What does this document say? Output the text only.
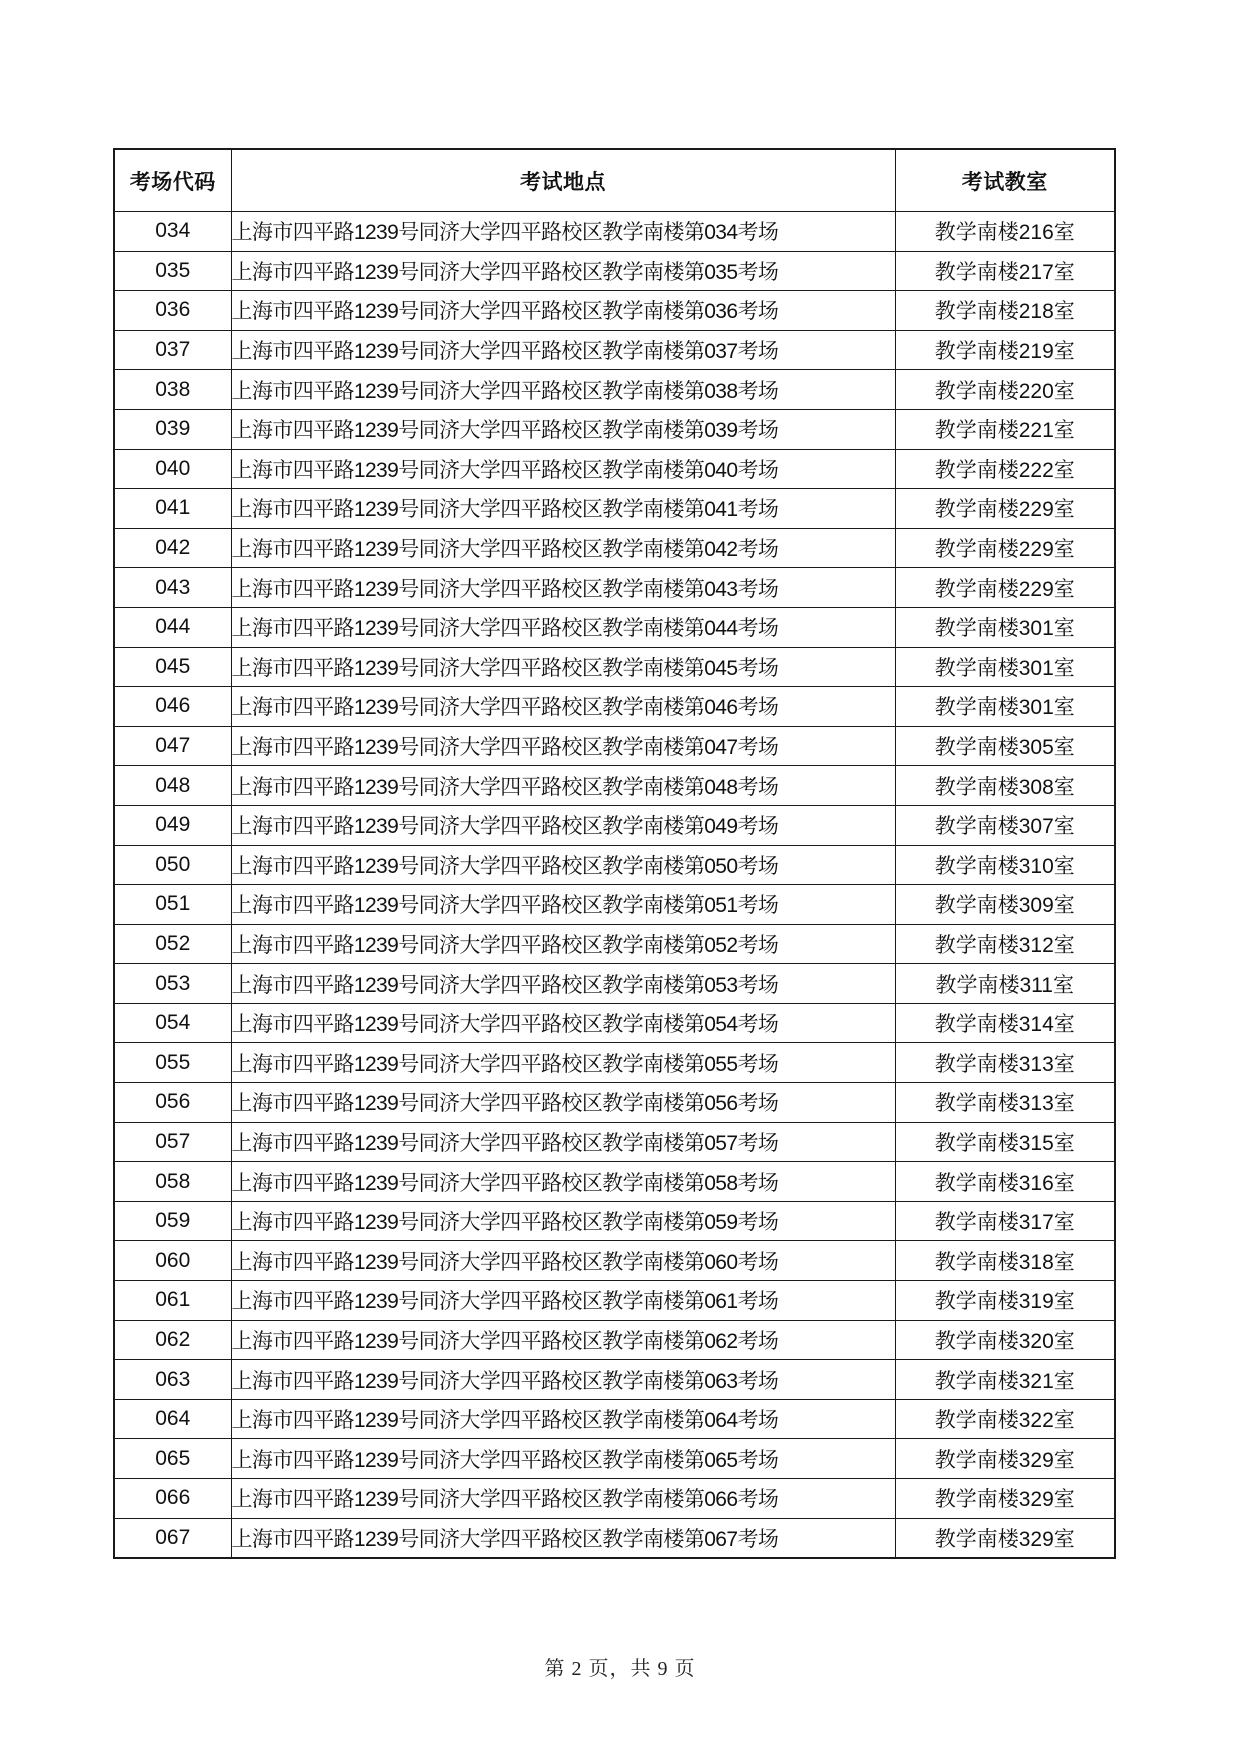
考场代码	考试地点	考试教室
034	上海市四平路1239号同济大学四平路校区教学南楼第034考场	教学南楼216室
035	上海市四平路1239号同济大学四平路校区教学南楼第035考场	教学南楼217室
036	上海市四平路1239号同济大学四平路校区教学南楼第036考场	教学南楼218室
037	上海市四平路1239号同济大学四平路校区教学南楼第037考场	教学南楼219室
038	上海市四平路1239号同济大学四平路校区教学南楼第038考场	教学南楼220室
039	上海市四平路1239号同济大学四平路校区教学南楼第039考场	教学南楼221室
040	上海市四平路1239号同济大学四平路校区教学南楼第040考场	教学南楼222室
041	上海市四平路1239号同济大学四平路校区教学南楼第041考场	教学南楼229室
042	上海市四平路1239号同济大学四平路校区教学南楼第042考场	教学南楼229室
043	上海市四平路1239号同济大学四平路校区教学南楼第043考场	教学南楼229室
044	上海市四平路1239号同济大学四平路校区教学南楼第044考场	教学南楼301室
045	上海市四平路1239号同济大学四平路校区教学南楼第045考场	教学南楼301室
046	上海市四平路1239号同济大学四平路校区教学南楼第046考场	教学南楼301室
047	上海市四平路1239号同济大学四平路校区教学南楼第047考场	教学南楼305室
048	上海市四平路1239号同济大学四平路校区教学南楼第048考场	教学南楼308室
049	上海市四平路1239号同济大学四平路校区教学南楼第049考场	教学南楼307室
050	上海市四平路1239号同济大学四平路校区教学南楼第050考场	教学南楼310室
051	上海市四平路1239号同济大学四平路校区教学南楼第051考场	教学南楼309室
052	上海市四平路1239号同济大学四平路校区教学南楼第052考场	教学南楼312室
053	上海市四平路1239号同济大学四平路校区教学南楼第053考场	教学南楼311室
054	上海市四平路1239号同济大学四平路校区教学南楼第054考场	教学南楼314室
055	上海市四平路1239号同济大学四平路校区教学南楼第055考场	教学南楼313室
056	上海市四平路1239号同济大学四平路校区教学南楼第056考场	教学南楼313室
057	上海市四平路1239号同济大学四平路校区教学南楼第057考场	教学南楼315室
058	上海市四平路1239号同济大学四平路校区教学南楼第058考场	教学南楼316室
059	上海市四平路1239号同济大学四平路校区教学南楼第059考场	教学南楼317室
060	上海市四平路1239号同济大学四平路校区教学南楼第060考场	教学南楼318室
061	上海市四平路1239号同济大学四平路校区教学南楼第061考场	教学南楼319室
062	上海市四平路1239号同济大学四平路校区教学南楼第062考场	教学南楼320室
063	上海市四平路1239号同济大学四平路校区教学南楼第063考场	教学南楼321室
064	上海市四平路1239号同济大学四平路校区教学南楼第064考场	教学南楼322室
065	上海市四平路1239号同济大学四平路校区教学南楼第065考场	教学南楼329室
066	上海市四平路1239号同济大学四平路校区教学南楼第066考场	教学南楼329室
067	上海市四平路1239号同济大学四平路校区教学南楼第067考场	教学南楼329室
第 2 页，共 9 页
